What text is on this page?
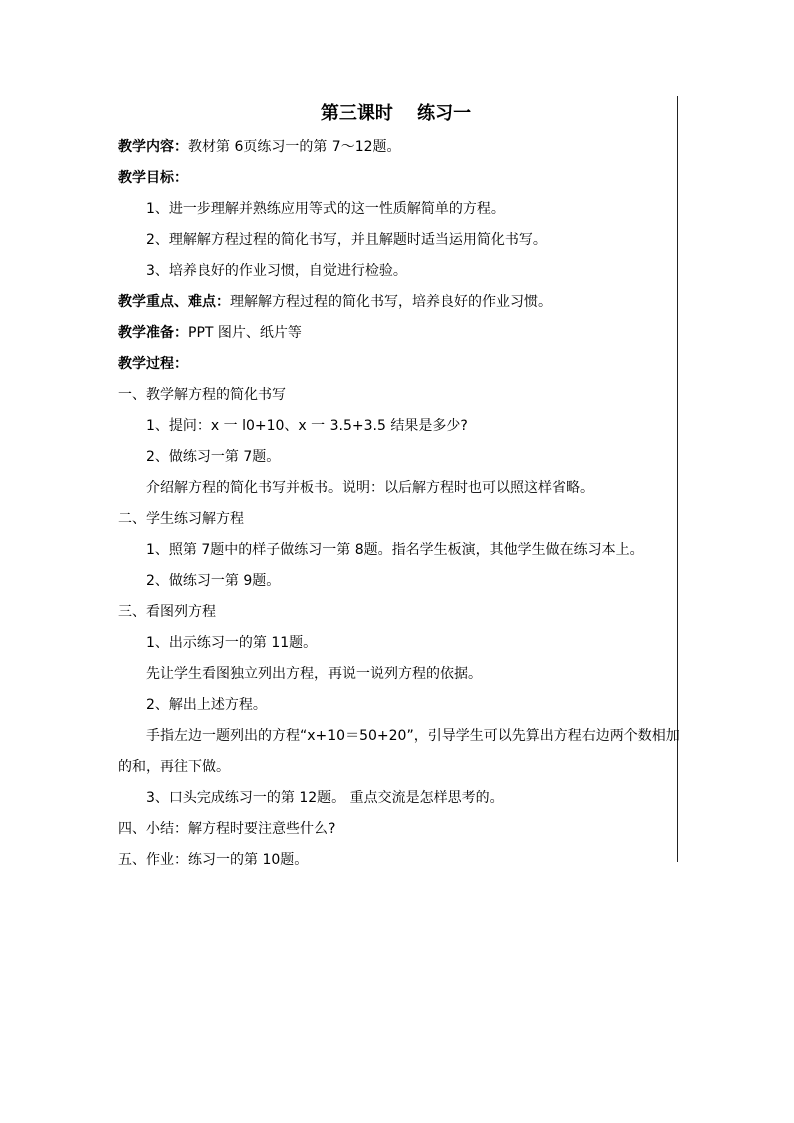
第三课时　 练习一
教学内容：教材第 6页练习一的第 7～12题。
教学目标：
1、进一步理解并熟练应用等式的这一性质解简单的方程。
2、理解解方程过程的简化书写，并且解题时适当运用简化书写。
3、培养良好的作业习惯，自觉进行检验。
教学重点、难点：理解解方程过程的简化书写，培养良好的作业习惯。
教学准备：PPT 图片、纸片等
教学过程：
一、教学解方程的简化书写
1、提问：x 一 l0+10、x 一 3.5+3.5 结果是多少?
2、做练习一第 7题。
介绍解方程的简化书写并板书。说明：以后解方程时也可以照这样省略。
二、学生练习解方程
1、照第 7题中的样子做练习一第 8题。指名学生板演，其他学生做在练习本上。
2、做练习一第 9题。
三、看图列方程
1、出示练习一的第 11题。
先让学生看图独立列出方程，再说一说列方程的依据。
2、解出上述方程。
手指左边一题列出的方程“x+10＝50+20”，引导学生可以先算出方程右边两个数相加
的和，再往下做。
3、口头完成练习一的第 12题。 重点交流是怎样思考的。
四、小结：解方程时要注意些什么?
五、作业：练习一的第 10题。
